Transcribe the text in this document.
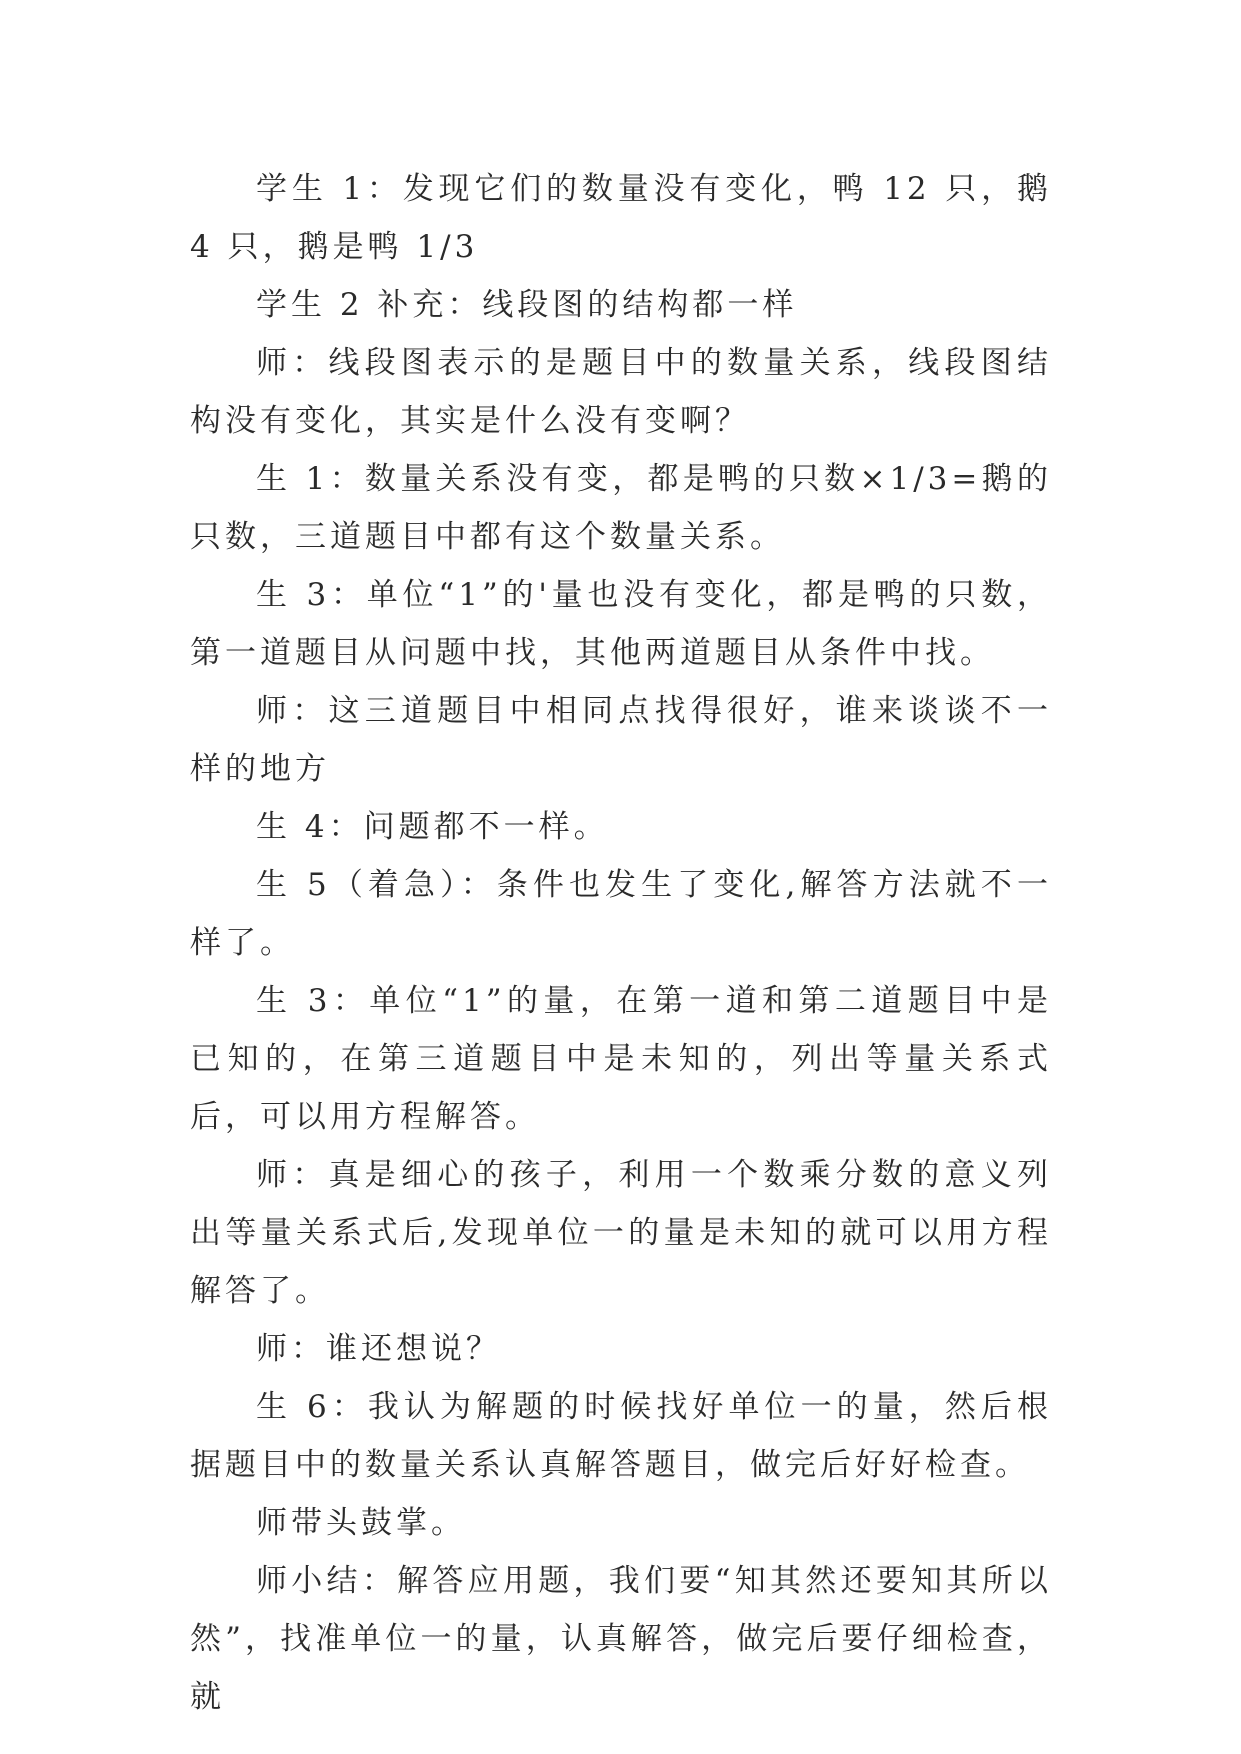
学生 1：发现它们的数量没有变化，鸭 12 只，鹅 4 只，鹅是鸭 1/3

学生 2 补充：线段图的结构都一样

师：线段图表示的是题目中的数量关系，线段图结构没有变化，其实是什么没有变啊？

生 1：数量关系没有变，都是鸭的只数×1/3=鹅的只数，三道题目中都有这个数量关系。

生 3：单位“1”的'量也没有变化，都是鸭的只数，第一道题目从问题中找，其他两道题目从条件中找。

师：这三道题目中相同点找得很好，谁来谈谈不一样的地方

生 4：问题都不一样。

生 5（着急）：条件也发生了变化,解答方法就不一样了。

生 3：单位“1”的量，在第一道和第二道题目中是已知的，在第三道题目中是未知的，列出等量关系式后，可以用方程解答。

师：真是细心的孩子，利用一个数乘分数的意义列出等量关系式后,发现单位一的量是未知的就可以用方程解答了。

师：谁还想说？

生 6：我认为解题的时候找好单位一的量，然后根据题目中的数量关系认真解答题目，做完后好好检查。

师带头鼓掌。

师小结：解答应用题，我们要“知其然还要知其所以然”，找准单位一的量，认真解答，做完后要仔细检查，就
